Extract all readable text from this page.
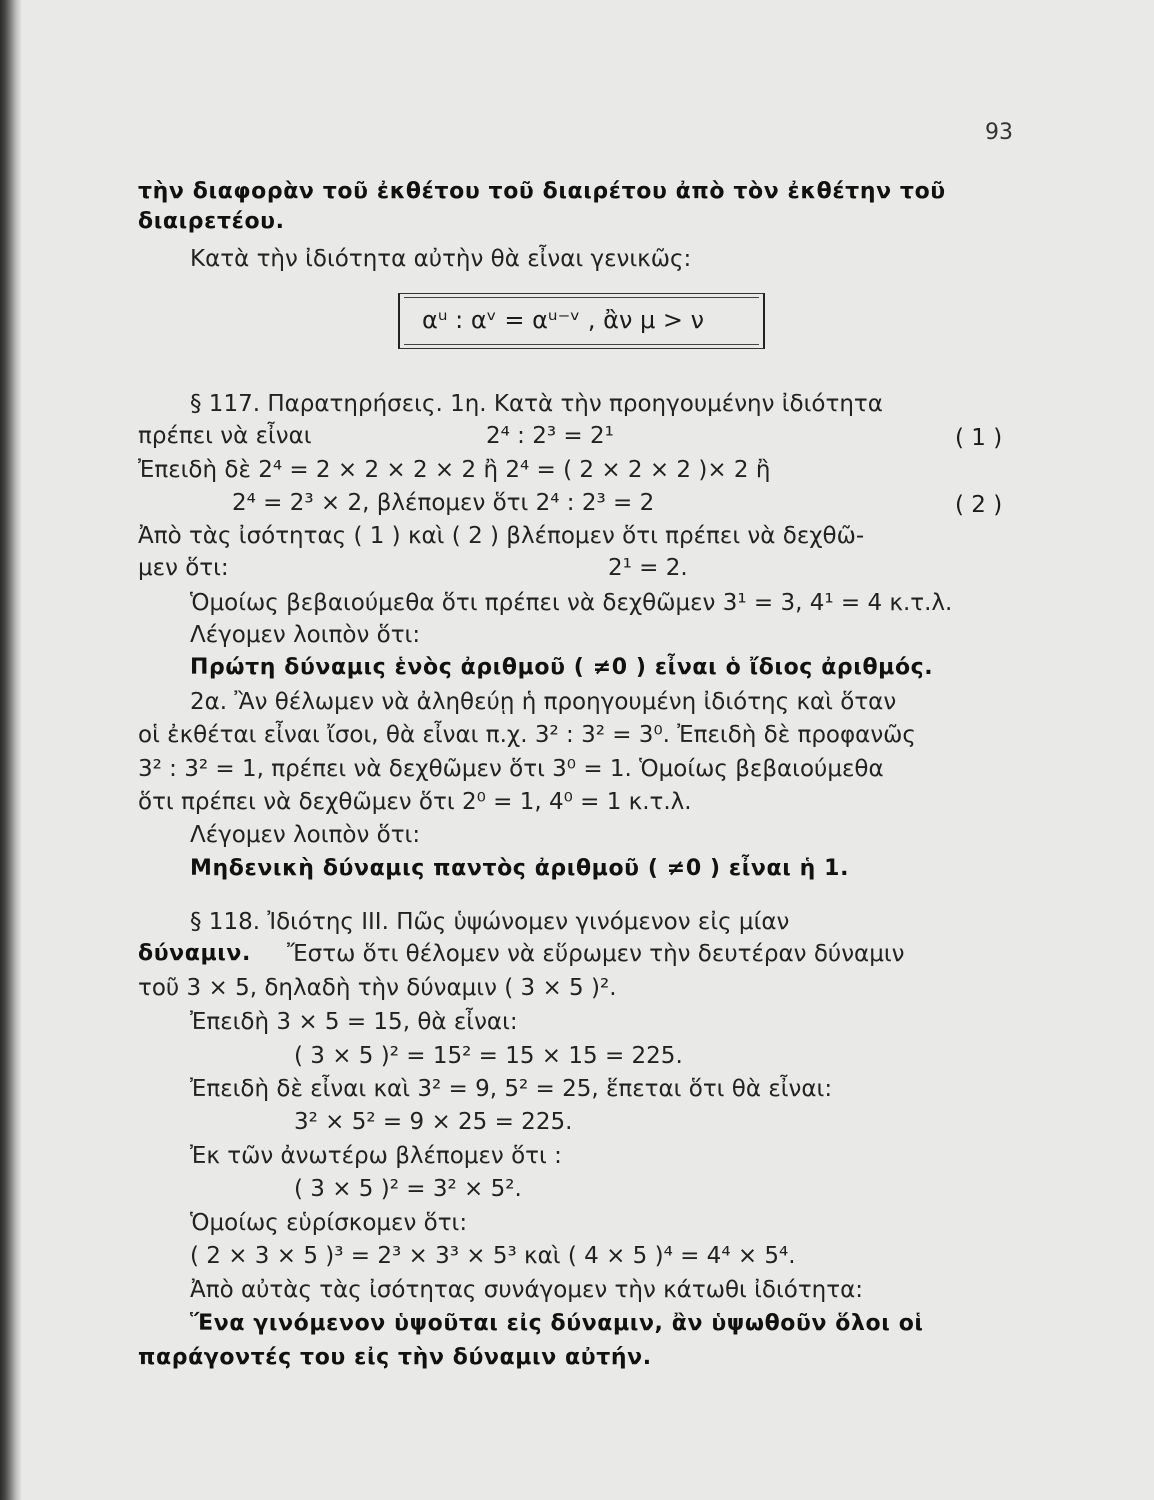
93
τὴν διαφορὰν τοῦ ἐκθέτου τοῦ διαιρέτου ἀπὸ τὸν ἐκθέτην τοῦ
διαιρετέου.
Κατὰ τὴν ἰδιότητα αὐτὴν θὰ εἶναι γενικῶς:
αᵘ : αᵛ = αᵘ⁻ᵛ , ἂν μ > ν
§ 117. Παρατηρήσεις. 1η. Κατὰ τὴν προηγουμένην ἰδιότητα
πρέπει νὰ εἶναι	2⁴ : 2³ = 2¹	( 1 )
Ἐπειδὴ δὲ 2⁴ = 2 × 2 × 2 × 2 ἢ 2⁴ = ( 2 × 2 × 2 )× 2 ἢ
2⁴ = 2³ × 2, βλέπομεν ὅτι 2⁴ : 2³ = 2	( 2 )
Ἀπὸ τὰς ἰσότητας ( 1 ) καὶ ( 2 ) βλέπομεν ὅτι πρέπει νὰ δεχθῶ-
μεν ὅτι:	2¹ = 2.
Ὁμοίως βεβαιούμεθα ὅτι πρέπει νὰ δεχθῶμεν 3¹ = 3, 4¹ = 4 κ.τ.λ.
Λέγομεν λοιπὸν ὅτι:
Πρώτη δύναμις ἑνὸς ἀριθμοῦ ( ≠0 ) εἶναι ὁ ἴδιος ἀριθμός.
2α. Ἂν θέλωμεν νὰ ἀληθεύῃ ἡ προηγουμένη ἰδιότης καὶ ὅταν
οἱ ἐκθέται εἶναι ἴσοι, θὰ εἶναι π.χ. 3² : 3² = 3⁰. Ἐπειδὴ δὲ προφανῶς
3² : 3² = 1, πρέπει νὰ δεχθῶμεν ὅτι 3⁰ = 1. Ὁμοίως βεβαιούμεθα
ὅτι πρέπει νὰ δεχθῶμεν ὅτι 2⁰ = 1, 4⁰ = 1 κ.τ.λ.
Λέγομεν λοιπὸν ὅτι:
Μηδενικὴ δύναμις παντὸς ἀριθμοῦ ( ≠0 ) εἶναι ἡ 1.
§ 118. Ἰδιότης III. Πῶς ὑψώνομεν γινόμενον εἰς μίαν
δύναμιν. Ἔστω ὅτι θέλομεν νὰ εὕρωμεν τὴν δευτέραν δύναμιν
τοῦ 3 × 5, δηλαδὴ τὴν δύναμιν ( 3 × 5 )².
Ἐπειδὴ 3 × 5 = 15, θὰ εἶναι:
( 3 × 5 )² = 15² = 15 × 15 = 225.
Ἐπειδὴ δὲ εἶναι καὶ 3² = 9, 5² = 25, ἕπεται ὅτι θὰ εἶναι:
3² × 5² = 9 × 25 = 225.
Ἐκ τῶν ἀνωτέρω βλέπομεν ὅτι :
( 3 × 5 )² = 3² × 5².
Ὁμοίως εὑρίσκομεν ὅτι:
( 2 × 3 × 5 )³ = 2³ × 3³ × 5³ καὶ ( 4 × 5 )⁴ = 4⁴ × 5⁴.
Ἀπὸ αὐτὰς τὰς ἰσότητας συνάγομεν τὴν κάτωθι ἰδιότητα:
Ἕνα γινόμενον ὑψοῦται εἰς δύναμιν, ἂν ὑψωθοῦν ὅλοι οἱ
παράγοντές του εἰς τὴν δύναμιν αὐτήν.
